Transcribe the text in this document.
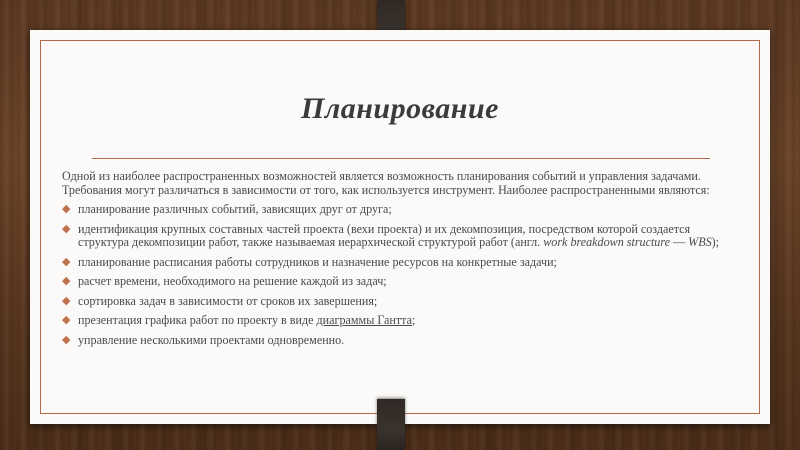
Планирование

Одной из наиболее распространенных возможностей является возможность планирования событий и управления задачами. Требования могут различаться в зависимости от того, как используется инструмент. Наиболее распространенными являются:

◆ планирование различных событий, зависящих друг от друга;
◆ идентификация крупных составных частей проекта (вехи проекта) и их декомпозиция, посредством которой создается структура декомпозиции работ, также называемая иерархической структурой работ (англ. work breakdown structure — WBS);
◆ планирование расписания работы сотрудников и назначение ресурсов на конкретные задачи;
◆ расчет времени, необходимого на решение каждой из задач;
◆ сортировка задач в зависимости от сроков их завершения;
◆ презентация графика работ по проекту в виде диаграммы Гантта;
◆ управление несколькими проектами одновременно.
